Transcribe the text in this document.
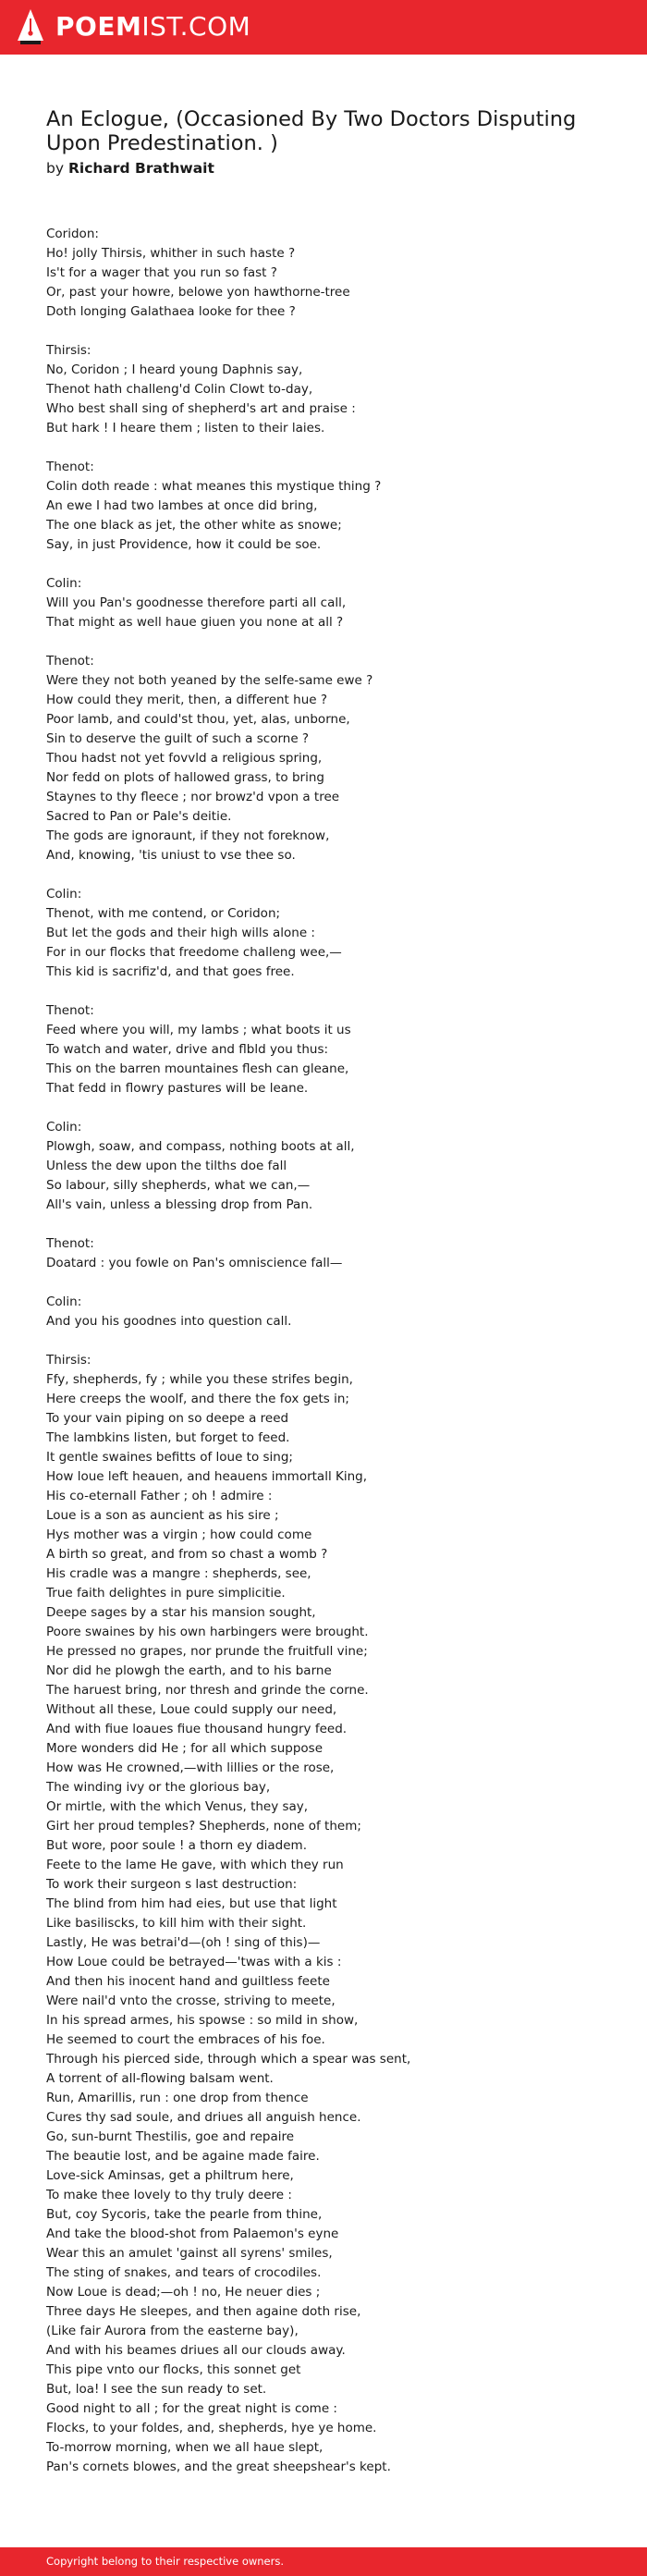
POEMIST.COM
An Eclogue, (Occasioned By Two Doctors Disputing Upon Predestination. )
by Richard Brathwait
Coridon:
Ho! jolly Thirsis, whither in such haste ?
Is't for a wager that you run so fast ?
Or, past your howre, belowe yon hawthorne-tree
Doth longing Galathaea looke for thee ?
Thirsis:
No, Coridon ; I heard young Daphnis say,
Thenot hath challeng'd Colin Clowt to-day,
Who best shall sing of shepherd's art and praise :
But hark ! I heare them ; listen to their laies.
Thenot:
Colin doth reade : what meanes this mystique thing ?
An ewe I had two lambes at once did bring,
The one black as jet, the other white as snowe;
Say, in just Providence, how it could be soe.
Colin:
Will you Pan's goodnesse therefore parti all call,
That might as well haue giuen you none at all ?
Thenot:
Were they not both yeaned by the selfe-same ewe ?
How could they merit, then, a different hue ?
Poor lamb, and could'st thou, yet, alas, unborne,
Sin to deserve the guilt of such a scorne ?
Thou hadst not yet fovvld a religious spring,
Nor fedd on plots of hallowed grass, to bring
Staynes to thy fleece ; nor browz'd vpon a tree
Sacred to Pan or Pale's deitie.
The gods are ignoraunt, if they not foreknow,
And, knowing, 'tis uniust to vse thee so.
Colin:
Thenot, with me contend, or Coridon;
But let the gods and their high wills alone :
For in our flocks that freedome challeng wee,—
This kid is sacrifiz'd, and that goes free.
Thenot:
Feed where you will, my lambs ; what boots it us
To watch and water, drive and flbld you thus:
This on the barren mountaines flesh can gleane,
That fedd in flowry pastures will be leane.
Colin:
Plowgh, soaw, and compass, nothing boots at all,
Unless the dew upon the tilths doe fall
So labour, silly shepherds, what we can,—
All's vain, unless a blessing drop from Pan.
Thenot:
Doatard : you fowle on Pan's omniscience fall—
Colin:
And you his goodnes into question call.
Thirsis:
Ffy, shepherds, fy ; while you these strifes begin,
Here creeps the woolf, and there the fox gets in;
To your vain piping on so deepe a reed
The lambkins listen, but forget to feed.
It gentle swaines befitts of loue to sing;
How loue left heauen, and heauens immortall King,
His co-eternall Father ; oh ! admire :
Loue is a son as auncient as his sire ;
Hys mother was a virgin ; how could come
A birth so great, and from so chast a womb ?
His cradle was a mangre : shepherds, see,
True faith delightes in pure simplicitie.
Deepe sages by a star his mansion sought,
Poore swaines by his own harbingers were brought.
He pressed no grapes, nor prunde the fruitfull vine;
Nor did he plowgh the earth, and to his barne
The haruest bring, nor thresh and grinde the corne.
Without all these, Loue could supply our need,
And with fiue loaues fiue thousand hungry feed.
More wonders did He ; for all which suppose
How was He crowned,—with lillies or the rose,
The winding ivy or the glorious bay,
Or mirtle, with the which Venus, they say,
Girt her proud temples? Shepherds, none of them;
But wore, poor soule ! a thorn ey diadem.
Feete to the lame He gave, with which they run
To work their surgeon s last destruction:
The blind from him had eies, but use that light
Like basiliscks, to kill him with their sight.
Lastly, He was betrai'd—(oh ! sing of this)—
How Loue could be betrayed—'twas with a kis :
And then his inocent hand and guiltless feete
Were nail'd vnto the crosse, striving to meete,
In his spread armes, his spowse : so mild in show,
He seemed to court the embraces of his foe.
Through his pierced side, through which a spear was sent,
A torrent of all-flowing balsam went.
Run, Amarillis, run : one drop from thence
Cures thy sad soule, and driues all anguish hence.
Go, sun-burnt Thestilis, goe and repaire
The beautie lost, and be againe made faire.
Love-sick Aminsas, get a philtrum here,
To make thee lovely to thy truly deere :
But, coy Sycoris, take the pearle from thine,
And take the blood-shot from Palaemon's eyne
Wear this an amulet 'gainst all syrens' smiles,
The sting of snakes, and tears of crocodiles.
Now Loue is dead;—oh ! no, He neuer dies ;
Three days He sleepes, and then againe doth rise,
(Like fair Aurora from the easterne bay),
And with his beames driues all our clouds away.
This pipe vnto our flocks, this sonnet get
But, loa! I see the sun ready to set.
Good night to all ; for the great night is come :
Flocks, to your foldes, and, shepherds, hye ye home.
To-morrow morning, when we all haue slept,
Pan's cornets blowes, and the great sheepshear's kept.
Copyright belong to their respective owners.
